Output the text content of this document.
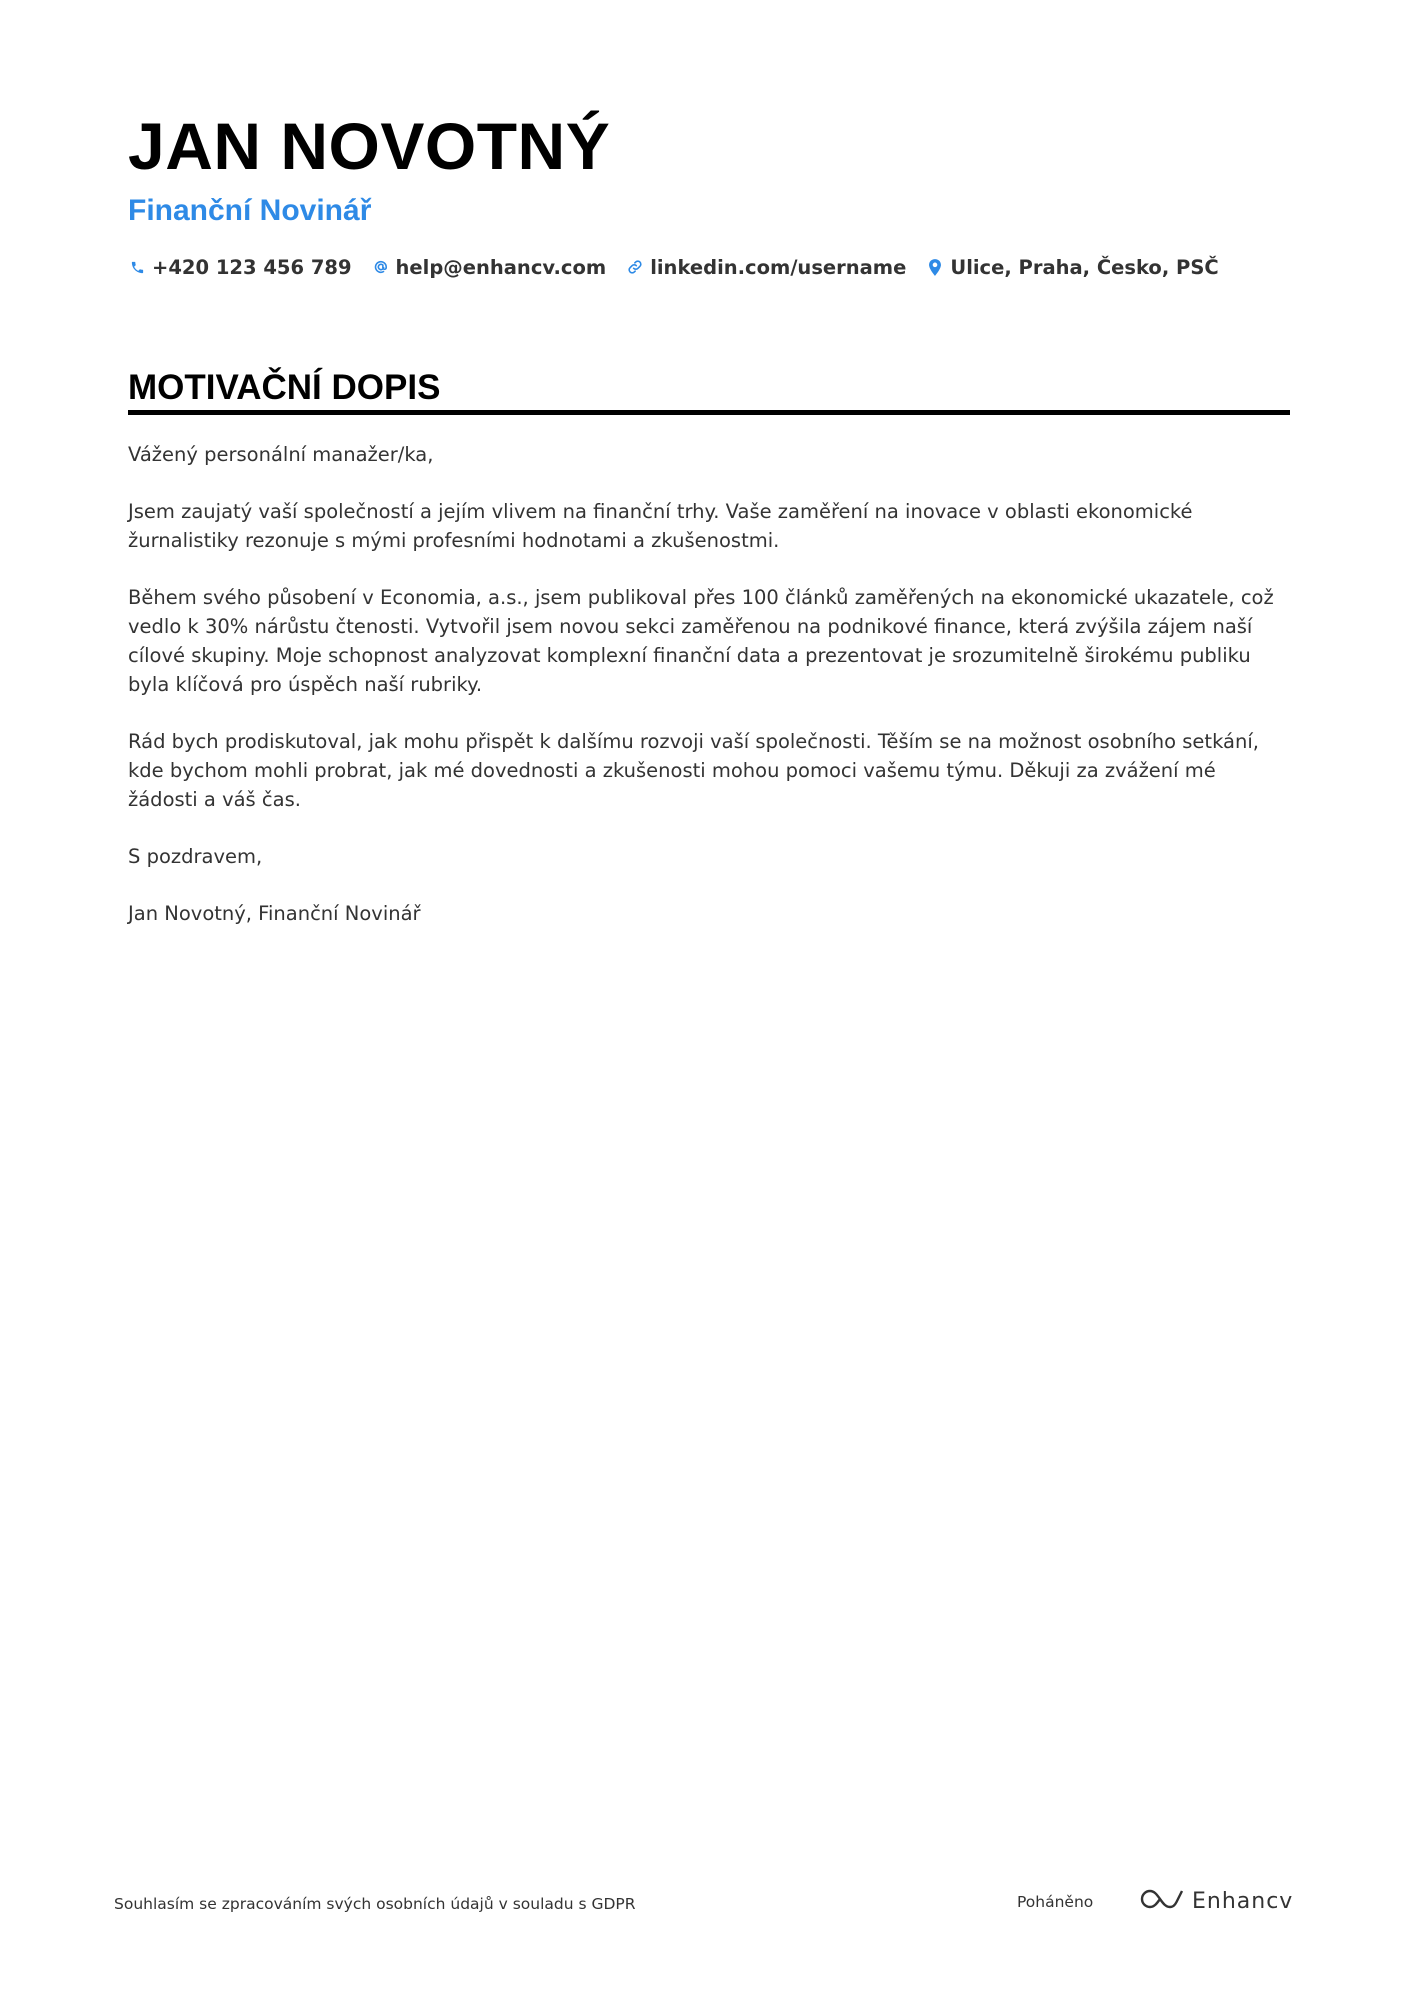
JAN NOVOTNÝ
Finanční Novinář
+420 123 456 789 help@enhancv.com linkedin.com/username Ulice, Praha, Česko, PSČ
MOTIVAČNÍ DOPIS

Vážený personální manažer/ka,

Jsem zaujatý vaší společností a jejím vlivem na finanční trhy. Vaše zaměření na inovace v oblasti ekonomické žurnalistiky rezonuje s mými profesními hodnotami a zkušenostmi.

Během svého působení v Economia, a.s., jsem publikoval přes 100 článků zaměřených na ekonomické ukazatele, což vedlo k 30% nárůstu čtenosti. Vytvořil jsem novou sekci zaměřenou na podnikové finance, která zvýšila zájem naší cílové skupiny. Moje schopnost analyzovat komplexní finanční data a prezentovat je srozumitelně širokému publiku byla klíčová pro úspěch naší rubriky.

Rád bych prodiskutoval, jak mohu přispět k dalšímu rozvoji vaší společnosti. Těším se na možnost osobního setkání, kde bychom mohli probrat, jak mé dovednosti a zkušenosti mohou pomoci vašemu týmu. Děkuji za zvážení mé žádosti a váš čas.

S pozdravem,

Jan Novotný, Finanční Novinář

Souhlasím se zpracováním svých osobních údajů v souladu s GDPR	Poháněno	Enhancv
